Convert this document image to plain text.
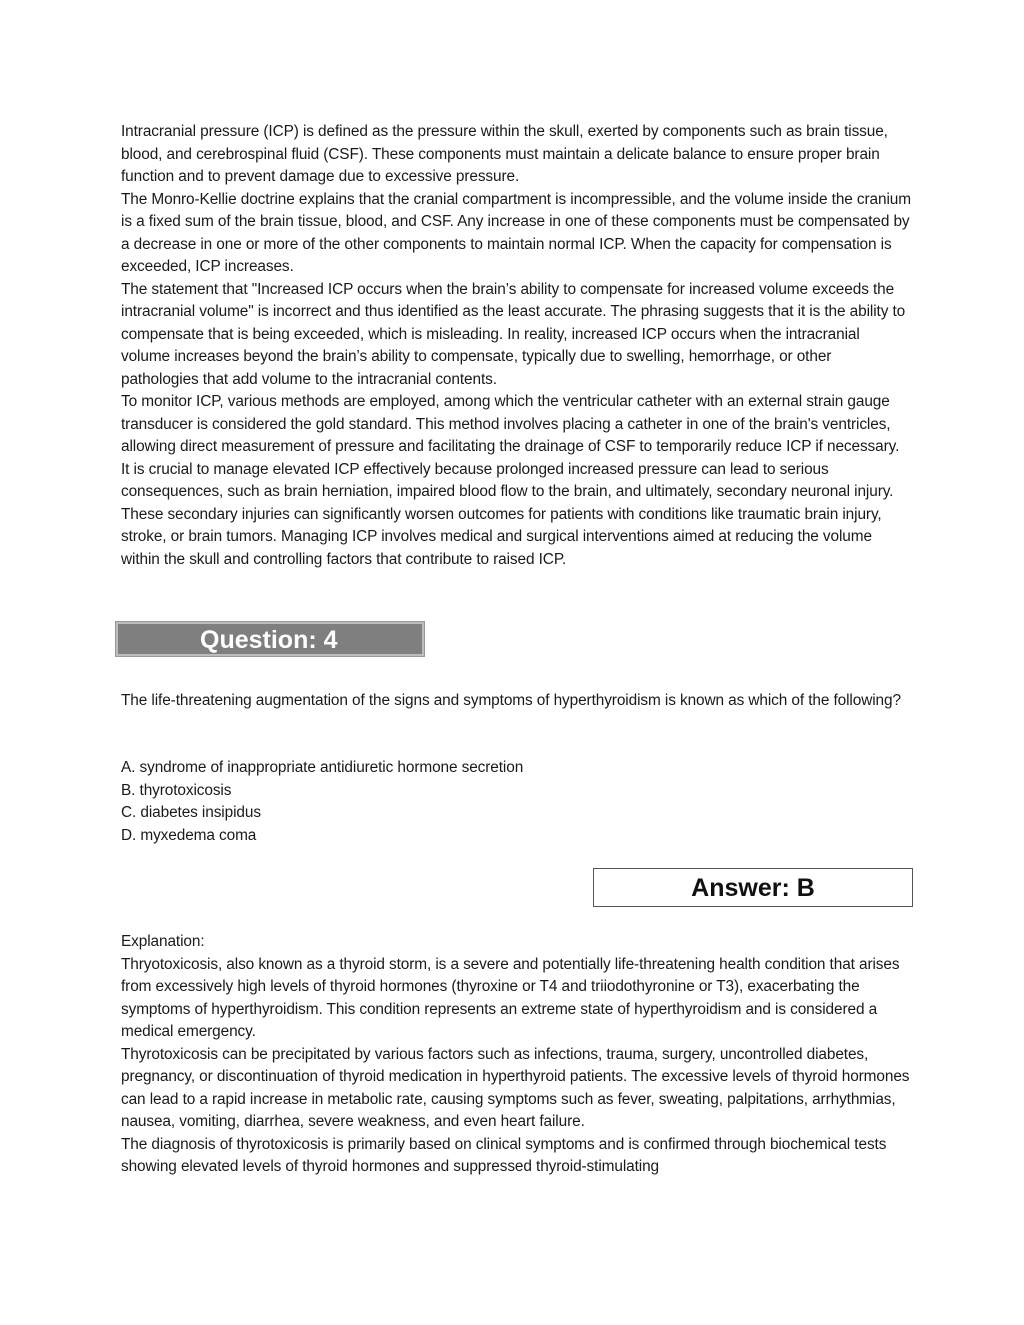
Intracranial pressure (ICP) is defined as the pressure within the skull, exerted by components such as brain tissue, blood, and cerebrospinal fluid (CSF). These components must maintain a delicate balance to ensure proper brain function and to prevent damage due to excessive pressure.

The Monro-Kellie doctrine explains that the cranial compartment is incompressible, and the volume inside the cranium is a fixed sum of the brain tissue, blood, and CSF. Any increase in one of these components must be compensated by a decrease in one or more of the other components to maintain normal ICP. When the capacity for compensation is exceeded, ICP increases.

The statement that "Increased ICP occurs when the brain’s ability to compensate for increased volume exceeds the intracranial volume" is incorrect and thus identified as the least accurate. The phrasing suggests that it is the ability to compensate that is being exceeded, which is misleading. In reality, increased ICP occurs when the intracranial volume increases beyond the brain’s ability to compensate, typically due to swelling, hemorrhage, or other pathologies that add volume to the intracranial contents.

To monitor ICP, various methods are employed, among which the ventricular catheter with an external strain gauge transducer is considered the gold standard. This method involves placing a catheter in one of the brain's ventricles, allowing direct measurement of pressure and facilitating the drainage of CSF to temporarily reduce ICP if necessary.

It is crucial to manage elevated ICP effectively because prolonged increased pressure can lead to serious consequences, such as brain herniation, impaired blood flow to the brain, and ultimately, secondary neuronal injury. These secondary injuries can significantly worsen outcomes for patients with conditions like traumatic brain injury, stroke, or brain tumors. Managing ICP involves medical and surgical interventions aimed at reducing the volume within the skull and controlling factors that contribute to raised ICP.

Question: 4

The life-threatening augmentation of the signs and symptoms of hyperthyroidism is known as which of the following?

A. syndrome of inappropriate antidiuretic hormone secretion

B. thyrotoxicosis

C. diabetes insipidus

D. myxedema coma

Answer: B

Explanation:

Thryotoxicosis, also known as a thyroid storm, is a severe and potentially life-threatening health condition that arises from excessively high levels of thyroid hormones (thyroxine or T4 and triiodothyronine or T3), exacerbating the symptoms of hyperthyroidism. This condition represents an extreme state of hyperthyroidism and is considered a medical emergency.

Thyrotoxicosis can be precipitated by various factors such as infections, trauma, surgery, uncontrolled diabetes, pregnancy, or discontinuation of thyroid medication in hyperthyroid patients. The excessive levels of thyroid hormones can lead to a rapid increase in metabolic rate, causing symptoms such as fever, sweating, palpitations, arrhythmias, nausea, vomiting, diarrhea, severe weakness, and even heart failure.

The diagnosis of thyrotoxicosis is primarily based on clinical symptoms and is confirmed through biochemical tests showing elevated levels of thyroid hormones and suppressed thyroid-stimulating
